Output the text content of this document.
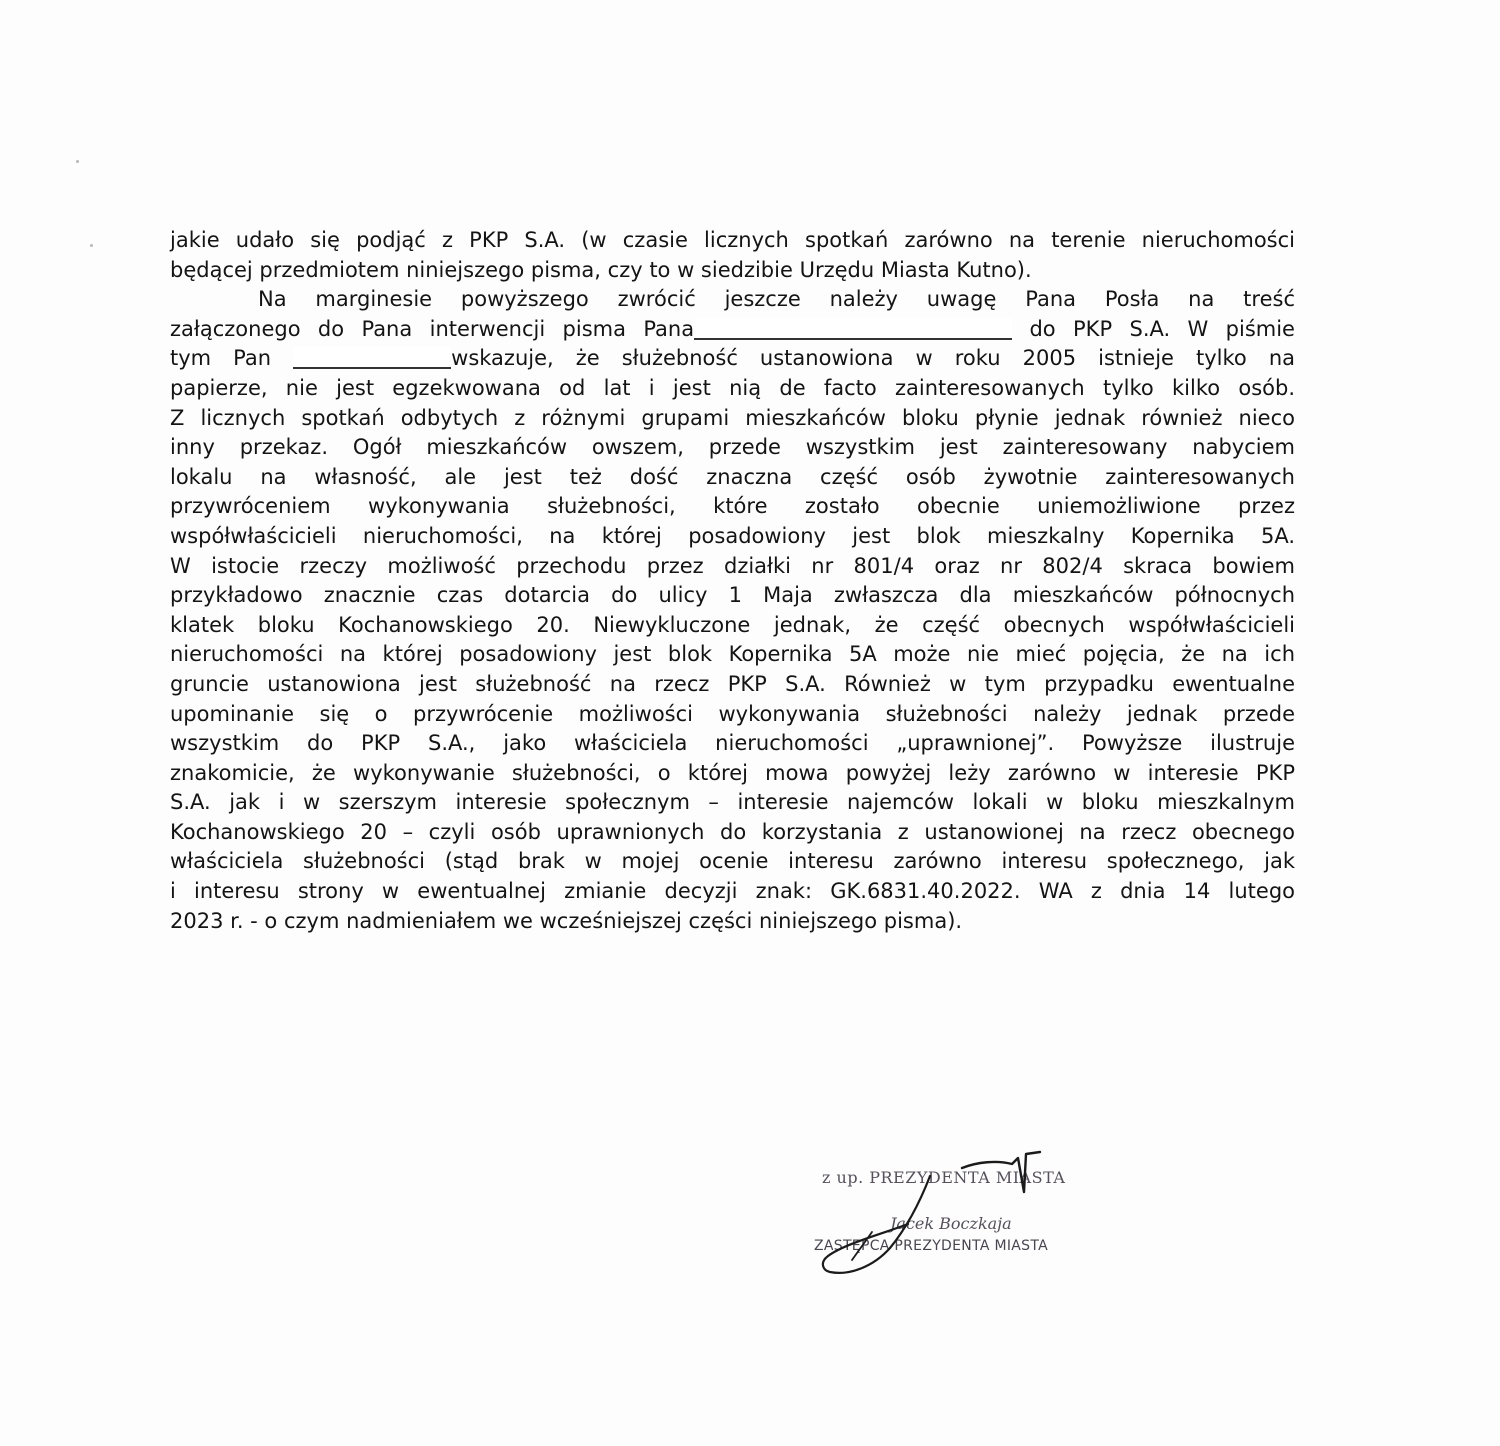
jakie udało się podjąć z PKP S.A. (w czasie licznych spotkań zarówno na terenie nieruchomości
będącej przedmiotem niniejszego pisma, czy to w siedzibie Urzędu Miasta Kutno).
Na marginesie powyższego zwrócić jeszcze należy uwagę Pana Posła na treść
załączonego do Pana interwencji pisma Pana	do PKP S.A. W piśmie
tym Pan	wskazuje, że służebność ustanowiona w roku 2005 istnieje tylko na
papierze, nie jest egzekwowana od lat i jest nią de facto zainteresowanych tylko kilko osób.
Z licznych spotkań odbytych z różnymi grupami mieszkańców bloku płynie jednak również nieco
inny przekaz. Ogół mieszkańców owszem, przede wszystkim jest zainteresowany nabyciem
lokalu na własność, ale jest też dość znaczna część osób żywotnie zainteresowanych
przywróceniem wykonywania służebności, które zostało obecnie uniemożliwione przez
współwłaścicieli nieruchomości, na której posadowiony jest blok mieszkalny Kopernika 5A.
W istocie rzeczy możliwość przechodu przez działki nr 801/4 oraz nr 802/4 skraca bowiem
przykładowo znacznie czas dotarcia do ulicy 1 Maja zwłaszcza dla mieszkańców północnych
klatek bloku Kochanowskiego 20. Niewykluczone jednak, że część obecnych współwłaścicieli
nieruchomości na której posadowiony jest blok Kopernika 5A może nie mieć pojęcia, że na ich
gruncie ustanowiona jest służebność na rzecz PKP S.A. Również w tym przypadku ewentualne
upominanie się o przywrócenie możliwości wykonywania służebności należy jednak przede
wszystkim do PKP S.A., jako właściciela nieruchomości „uprawnionej”. Powyższe ilustruje
znakomicie, że wykonywanie służebności, o której mowa powyżej leży zarówno w interesie PKP
S.A. jak i w szerszym interesie społecznym – interesie najemców lokali w bloku mieszkalnym
Kochanowskiego 20 – czyli osób uprawnionych do korzystania z ustanowionej na rzecz obecnego
właściciela służebności (stąd brak w mojej ocenie interesu zarówno interesu społecznego, jak
i interesu strony w ewentualnej zmianie decyzji znak: GK.6831.40.2022. WA z dnia 14 lutego
2023 r. - o czym nadmieniałem we wcześniejszej części niniejszego pisma).
z up. PREZYDENTA MIASTA
Jacek Boczkaja
ZASTĘPCA PREZYDENTA MIASTA
